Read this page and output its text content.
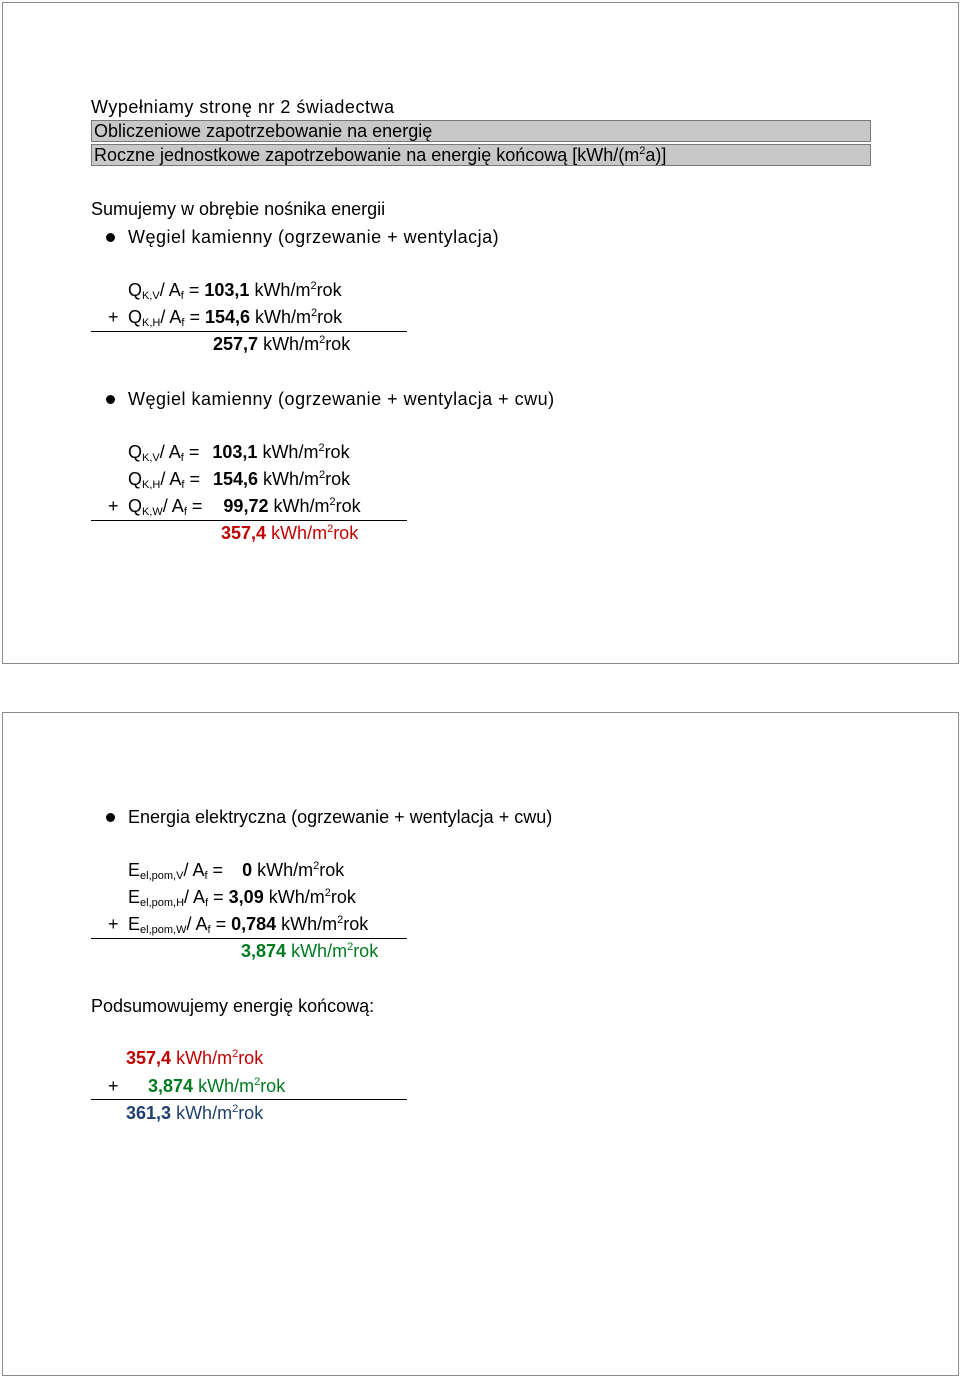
Wypełniamy stronę nr 2 świadectwa
Obliczeniowe zapotrzebowanie na energię
Roczne jednostkowe zapotrzebowanie na energię końcową $[kWh/(m^2a)]$
Sumujemy w obrębie nośnika energii
Węgiel kamienny (ogrzewanie + wentylacja)
$Q_{K,V}/$ $A_f = 103,1$ kWh/$m^2rok$
+ $Q_{K,H}/$ $A_f = 154,6$ kWh/$m^2rok$
257,7 kWh/$m^2rok$
Węgiel kamienny (ogrzewanie + wentylacja + cwu)
$Q_{K,V}/$ $A_f = 103,1$ kWh/$m^2rok$
$Q_{K,H}/$ $A_f = 154,6$ kWh/$m^2rok$
+ $Q_{K,W}/$ $A_f = 99,72$ kWh/$m^2rok$
357,4 kWh/$m^2rok$
Energia elektryczna (ogrzewanie + wentylacja + cwu)
$E_{el,pom,V}/$ $A_f = 0$ kWh/$m^2rok$
$E_{el,pom,H}/$ $A_f = 3,09$ kWh/$m^2rok$
+ $E_{el,pom,W}/$ $A_f = 0,784$ kWh/$m^2rok$
3,874 kWh/$m^2rok$
Podsumowujemy energię końcową:
357,4 kWh/$m^2rok$
+ 3,874 kWh/$m^2rok$
361,3 kWh/$m^2rok$
